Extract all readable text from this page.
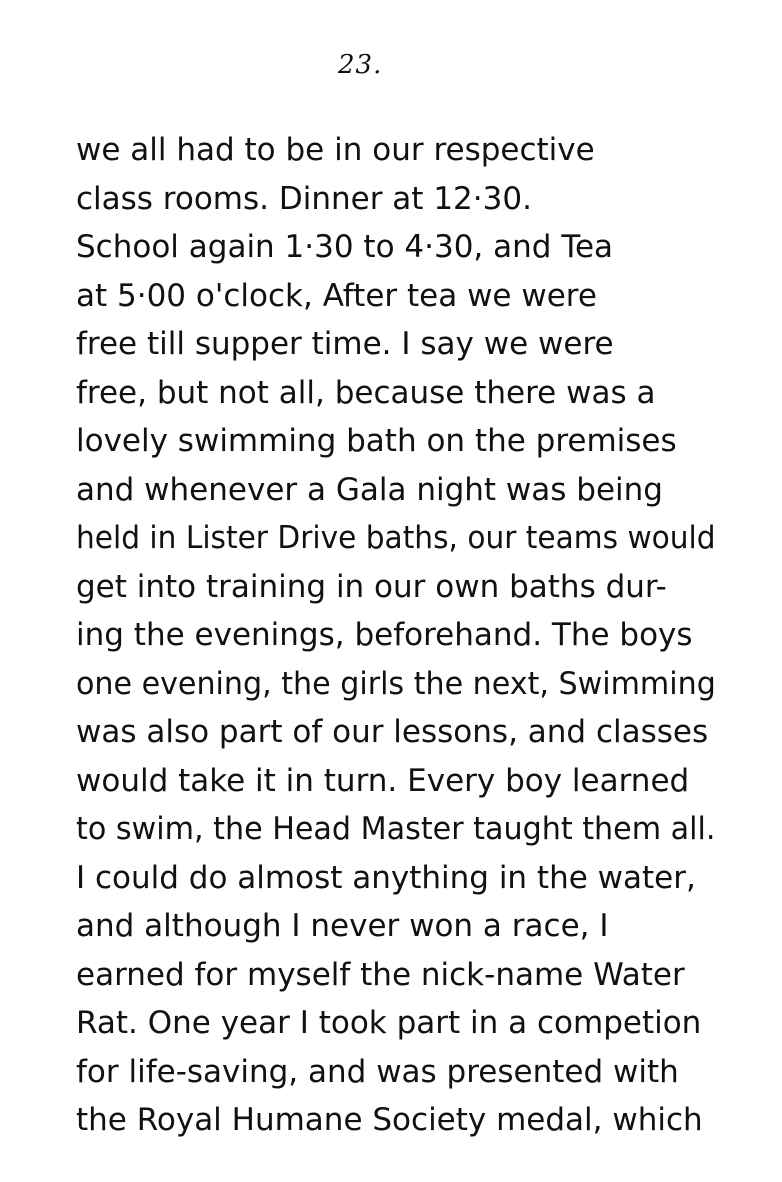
23.
we all had to be in our respective
class rooms. Dinner at 12·30.
School again 1·30 to 4·30, and Tea
at 5·00 o'clock, After tea we were
free till supper time. I say we were
free, but not all, because there was a
lovely swimming bath on the premises
and whenever a Gala night was being
held in Lister Drive baths, our teams would
get into training in our own baths dur-
ing the evenings, beforehand. The boys
one evening, the girls the next, Swimming
was also part of our lessons, and classes
would take it in turn. Every boy learned
to swim, the Head Master taught them all.
I could do almost anything in the water,
and although I never won a race, I
earned for myself the nick-name Water
Rat. One year I took part in a competion
for life-saving, and was presented with
the Royal Humane Society medal, which
